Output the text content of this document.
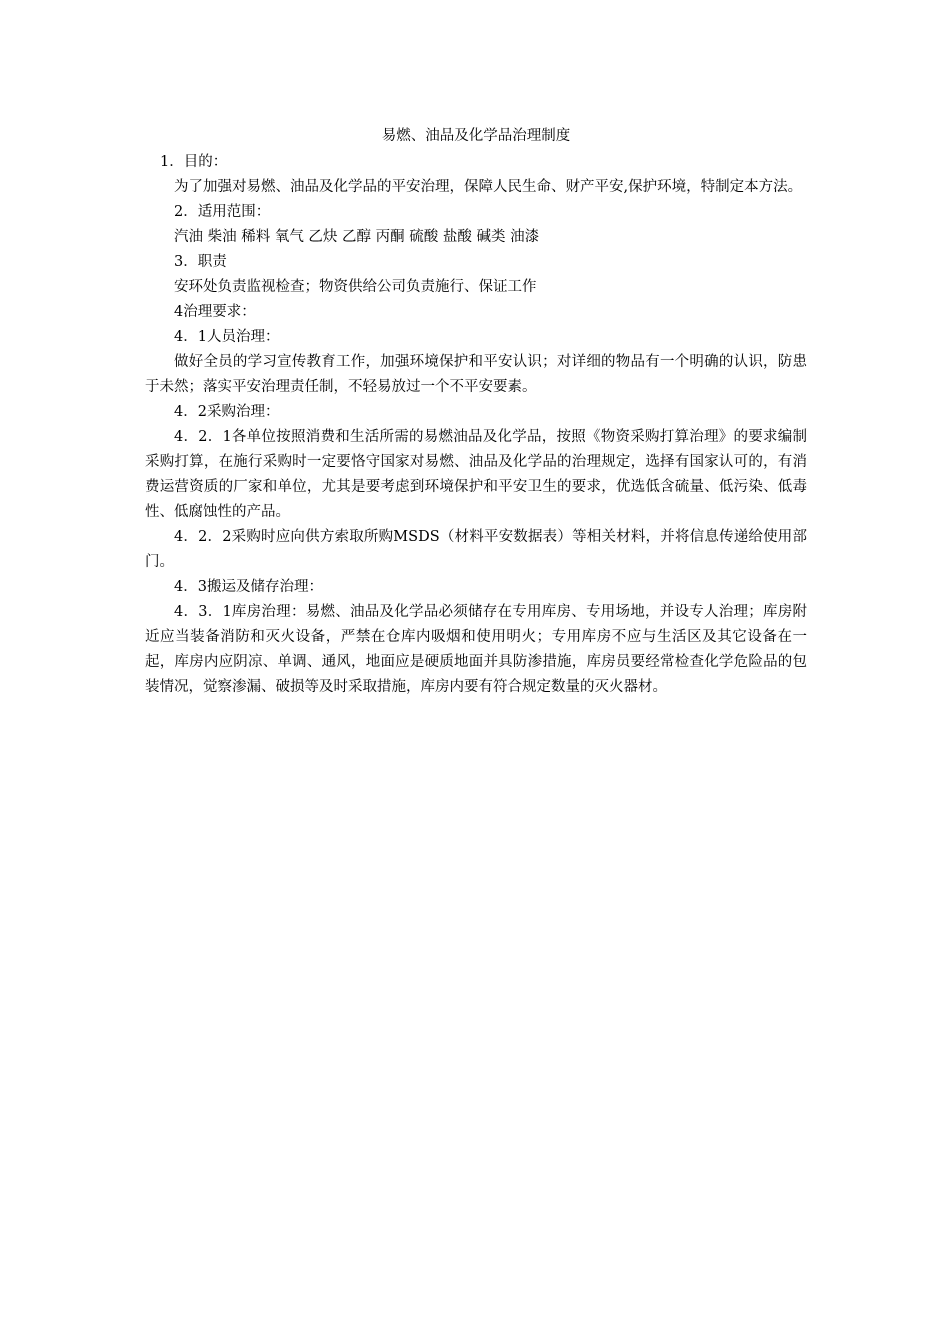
易燃、油品及化学品治理制度

1．目的：

为了加强对易燃、油品及化学品的平安治理，保障人民生命、财产平安,保护环境，特制定本方法。

2．适用范围：

汽油 柴油 稀料 氧气 乙炔 乙醇 丙酮 硫酸 盐酸 碱类 油漆

3．职责

安环处负责监视检查；物资供给公司负责施行、保证工作

4治理要求：

4．1人员治理：

做好全员的学习宣传教育工作，加强环境保护和平安认识；对详细的物品有一个明确的认识，防患于未然；落实平安治理责任制，不轻易放过一个不平安要素。

4．2采购治理：

4．2．1各单位按照消费和生活所需的易燃油品及化学品，按照《物资采购打算治理》的要求编制采购打算，在施行采购时一定要恪守国家对易燃、油品及化学品的治理规定，选择有国家认可的，有消费运营资质的厂家和单位，尤其是要考虑到环境保护和平安卫生的要求，优选低含硫量、低污染、低毒性、低腐蚀性的产品。

4．2．2采购时应向供方索取所购MSDS（材料平安数据表）等相关材料，并将信息传递给使用部门。

4．3搬运及储存治理：

4．3．1库房治理：易燃、油品及化学品必须储存在专用库房、专用场地，并设专人治理；库房附近应当装备消防和灭火设备，严禁在仓库内吸烟和使用明火；专用库房不应与生活区及其它设备在一起，库房内应阴凉、单调、通风，地面应是硬质地面并具防渗措施，库房员要经常检查化学危险品的包装情况，觉察渗漏、破损等及时采取措施，库房内要有符合规定数量的灭火器材。
